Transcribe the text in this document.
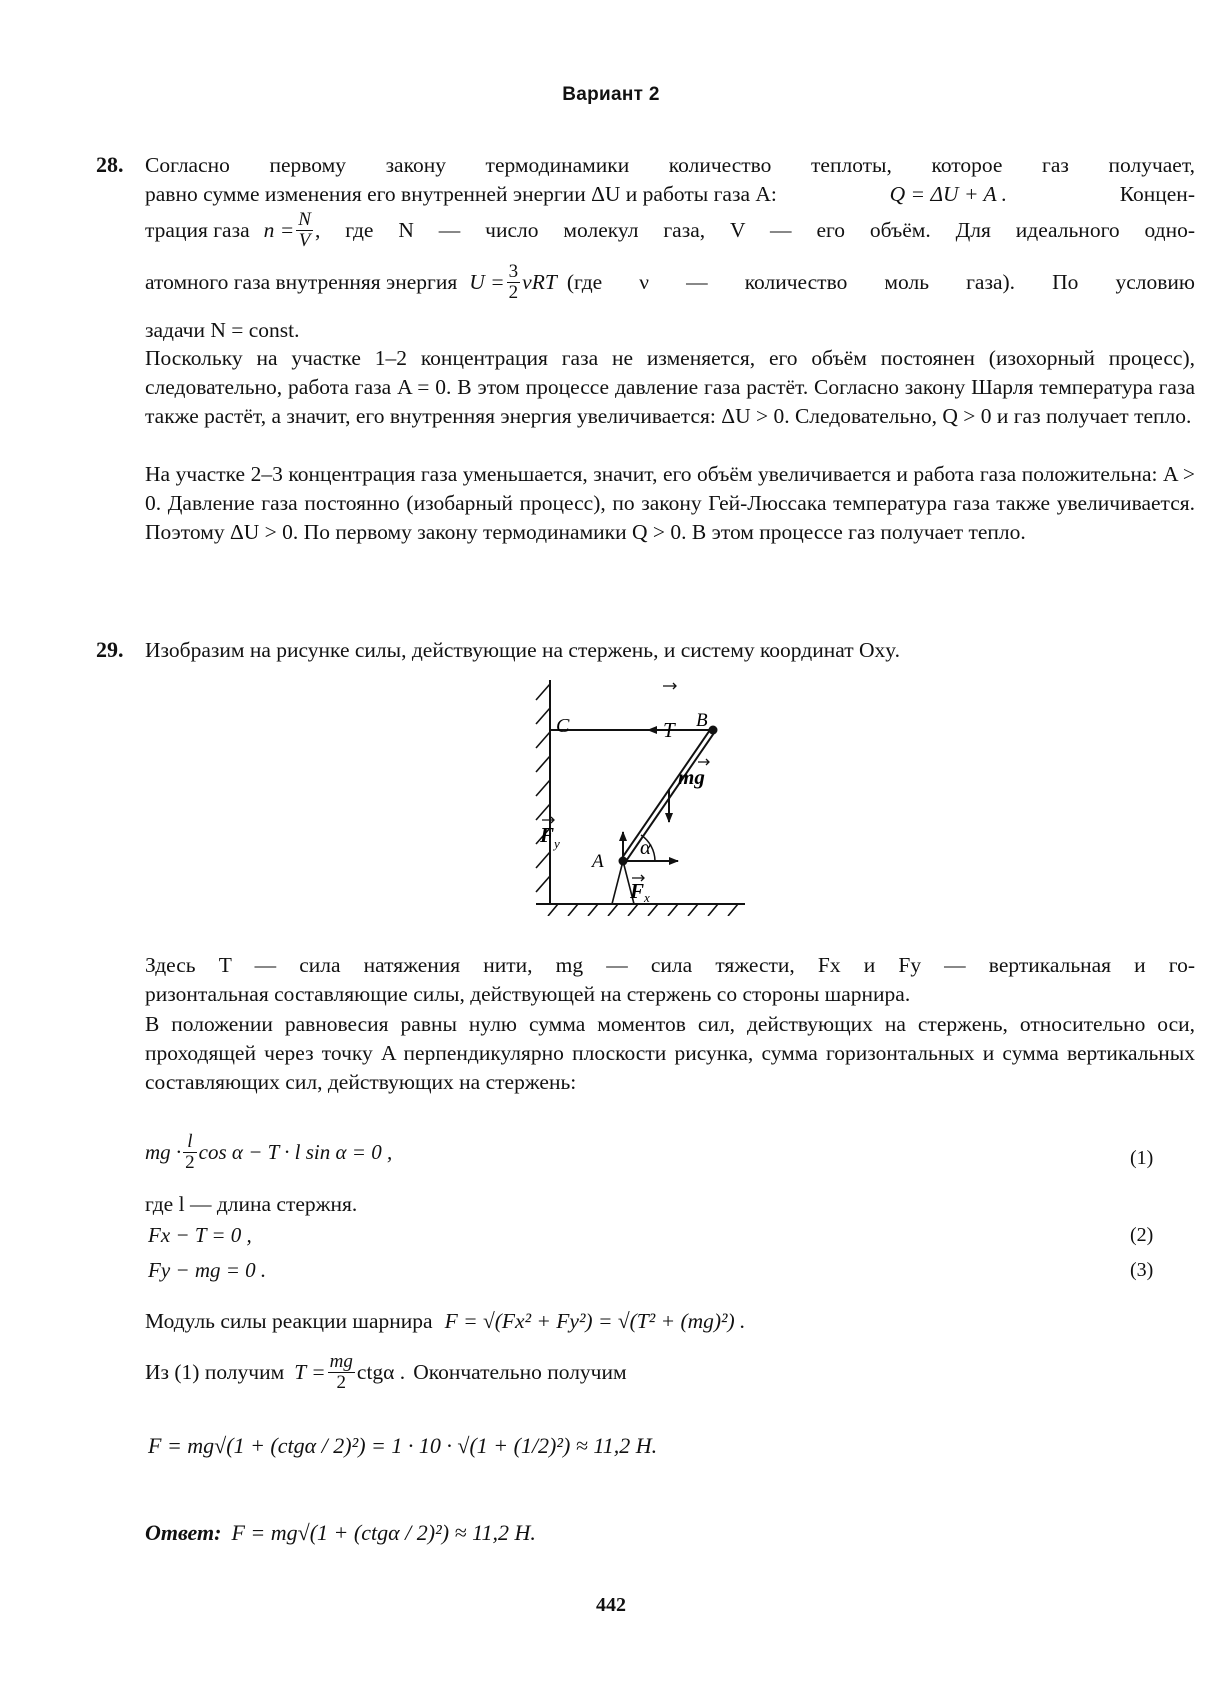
Вариант 2
28. Согласно первому закону термодинамики количество теплоты, которое газ получает,
равно сумме изменения его внутренней энергии ΔU и работы газа A:	Q = ΔU + A .	Концен-
трация газа $n = \frac{N}{V}$ , где N — число молекул газа, V — его объём. Для идеального одно-
атомного газа внутренняя энергия $U = \frac{3}{2}$ νRT (где ν — количество моль газа). По условию
задачи N = const.
Поскольку на участке 1–2 концентрация газа не изменяется, его объём постоянен (изохорный процесс), следовательно, работа газа A = 0. В этом процессе давление газа растёт. Согласно закону Шарля температура газа также растёт, а значит, его внутренняя энергия увеличивается: ΔU > 0. Следовательно, Q > 0 и газ получает тепло.
На участке 2–3 концентрация газа уменьшается, значит, его объём увеличивается и работа газа положительна: A > 0. Давление газа постоянно (изобарный процесс), по закону Гей-Люссака температура газа также увеличивается. Поэтому ΔU > 0. По первому закону термодинамики Q > 0. В этом процессе газ получает тепло.
29. Изобразим на рисунке силы, действующие на стержень, и систему координат Oxy.
C	B
T
mg
F y	α
A
F x
Здесь T — сила натяжения нити, mg — сила тяжести, Fx и Fy — вертикальная и го-
ризонтальная составляющие силы, действующей на стержень со стороны шарнира.
В положении равновесия равны нулю сумма моментов сил, действующих на стержень, относительно оси, проходящей через точку A перпендикулярно плоскости рисунка, сумма горизонтальных и сумма вертикальных составляющих сил, действующих на стержень:
mg · $\frac{l}{2}$ cos α − T · l sin α = 0 ,	(1)
где l — длина стержня.
Fx − T = 0 ,	(2)
Fy − mg = 0 .	(3)
Модуль силы реакции шарнира F = √(Fx² + Fy²) = √(T² + (mg)²) .
Из (1) получим $T = \frac{mg}{2}$ ctgα . Окончательно получим
F = mg√(1 + (ctgα / 2)²) = 1 · 10 · √(1 + (1/2)²) ≈ 11,2 Н.
Ответ: F = mg√(1 + (ctgα / 2)²) ≈ 11,2 Н.
442
